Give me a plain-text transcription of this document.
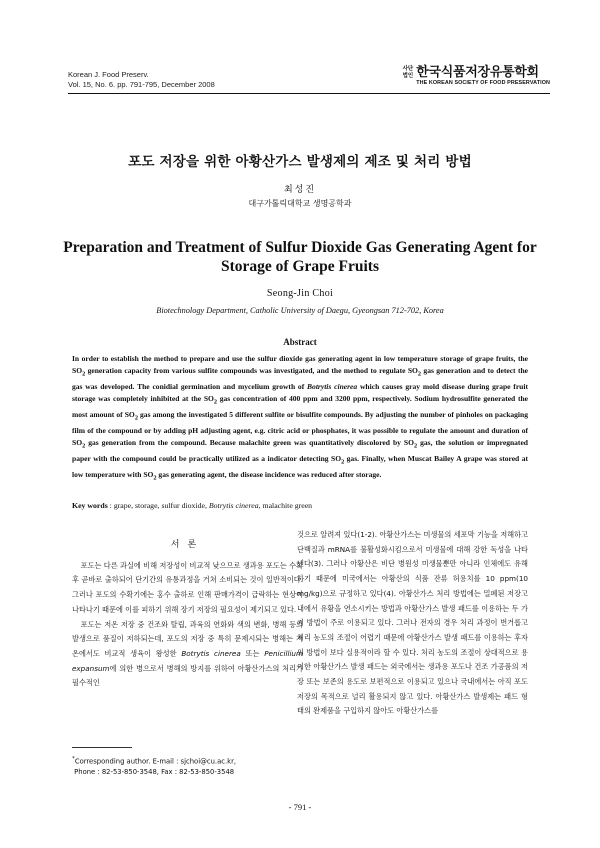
Korean J. Food Preserv.
Vol. 15, No. 6. pp. 791-795, December 2008
사단
법인 한국식품저장유통학회
THE KOREAN SOCIETY OF FOOD PRESERVATION
포도 저장을 위한 아황산가스 발생제의 제조 및 처리 방법
최성진
대구가톨릭대학교 생명공학과
Preparation and Treatment of Sulfur Dioxide Gas Generating Agent for Storage of Grape Fruits
Seong-Jin Choi
Biotechnology Department, Catholic University of Daegu, Gyeongsan 712-702, Korea
Abstract

In order to establish the method to prepare and use the sulfur dioxide gas generating agent in low temperature storage of grape fruits, the $SO_2$ generation capacity from various sulfite compounds was investigated, and the method to regulate $SO_2$ gas generation and to detect the gas was developed. The conidial germination and mycelium growth of Botrytis cinerea which causes gray mold disease during grape fruit storage was completely inhibited at the $SO_2$ gas concentration of 400 ppm and 3200 ppm, respectively. Sodium hydrosulfite generated the most amount of $SO_2$ gas among the investigated 5 different sulfite or bisulfite compounds. By adjusting the number of pinholes on packaging film of the compound or by adding pH adjusting agent, e.g. citric acid or phosphates, it was possible to regulate the amount and duration of $SO_2$ gas generation from the compound. Because malachite green was quantitatively discolored by $SO_2$ gas, the solution or impregnated paper with the compound could be practically utilized as a indicator detecting $SO_2$ gas. Finally, when Muscat Bailey A grape was stored at low temperature with $SO_2$ gas generating agent, the disease incidence was reduced after storage.

Key words : grape, storage, sulfur dioxide, Botrytis cinerea, malachite green

서론

포도는 다른 과실에 비해 저장성이 비교적 낮으므로 생과용 포도는 수확 후 곧바로 출하되어 단기간의 유통과정을 거쳐 소비되는 것이 일반적이다. 그러나 포도의 수확기에는 홍수 출하로 인해 판매가격이 급락하는 현상이 나타나기 때문에 이를 피하기 위해 장기 저장의 필요성이 제기되고 있다.

포도는 저온 저장 중 건조와 탈립, 과육의 연화와 색의 변화, 병해 등의 발생으로 품질이 저하되는데, 포도의 저장 중 특히 문제시되는 병해는 저온에서도 비교적 생육이 왕성한 Botrytis cinerea 또는 Penicillium expansum에 의한 병으로서 병해의 방지를 위하여 아황산가스의 처리가 필수적인

것으로 알려져 있다(1-2). 아황산가스는 미생물의 세포막 기능을 저해하고 단백질과 mRNA를 불활성화시킴으로서 미생물에 대해 강한 독성을 나타낸다(3). 그러나 아황산은 비단 병원성 미생물뿐만 아니라 인체에도 유해하기 때문에 미국에서는 아황산의 식품 잔류 허용치를 10 ppm(10 mg/kg)으로 규정하고 있다(4). 아황산가스 처리 방법에는 밀폐된 저장고 내에서 유황을 연소시키는 방법과 아황산가스 발생 패드를 이용하는 두 가지 방법이 주로 이용되고 있다. 그러나 전자의 경우 처리 과정이 번거롭고 처리 농도의 조절이 어렵기 때문에 아황산가스 발생 패드를 이용하는 후자의 방법이 보다 실용적이라 할 수 있다. 처리 농도의 조절이 상대적으로 용이한 아황산가스 발생 패드는 외국에서는 생과용 포도나 건조 가공품의 저장 또는 보존의 용도로 보편적으로 이용되고 있으나 국내에서는 아직 포도 저장의 목적으로 널리 활용되지 않고 있다. 아황산가스 발생제는 패드 형태의 완제품을 구입하지 않아도 아황산가스를

*Corresponding author. E-mail : sjchoi@cu.ac.kr,
Phone : 82-53-850-3548, Fax : 82-53-850-3548
- 791 -
